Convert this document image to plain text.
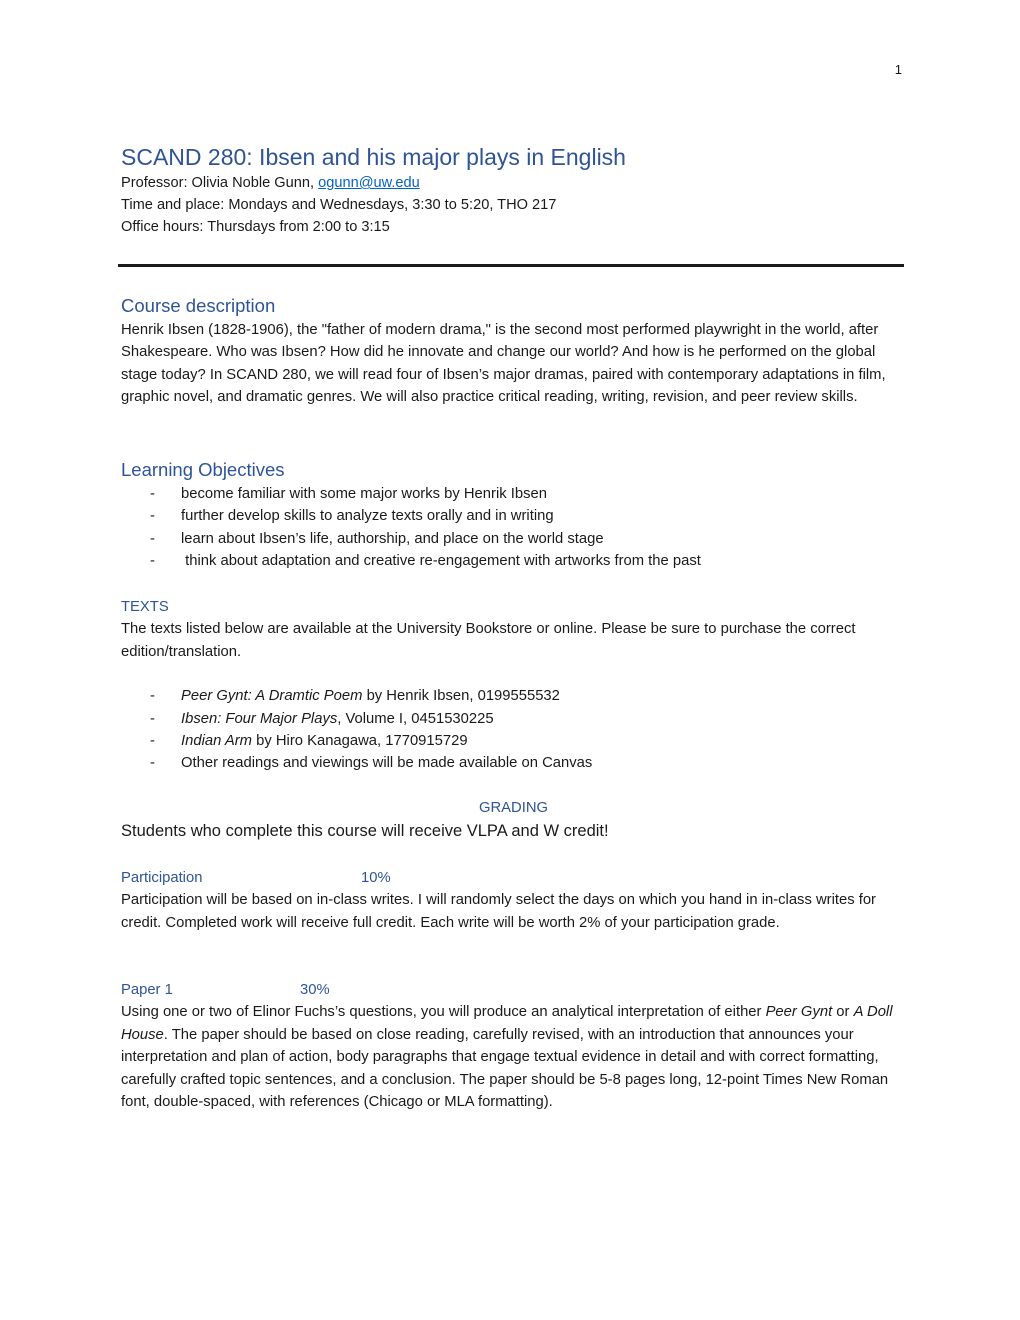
1
SCAND 280: Ibsen and his major plays in English
Professor: Olivia Noble Gunn, ogunn@uw.edu
Time and place: Mondays and Wednesdays, 3:30 to 5:20, THO 217
Office hours: Thursdays from 2:00 to 3:15
Course description

Henrik Ibsen (1828-1906), the "father of modern drama," is the second most performed playwright in the world, after Shakespeare. Who was Ibsen? How did he innovate and change our world? And how is he performed on the global stage today? In SCAND 280, we will read four of Ibsen’s major dramas, paired with contemporary adaptations in film, graphic novel, and dramatic genres. We will also practice critical reading, writing, revision, and peer review skills.

Learning Objectives
- become familiar with some major works by Henrik Ibsen
- further develop skills to analyze texts orally and in writing
- learn about Ibsen’s life, authorship, and place on the world stage
- think about adaptation and creative re-engagement with artworks from the past
TEXTS

The texts listed below are available at the University Bookstore or online. Please be sure to purchase the correct edition/translation.

- Peer Gynt: A Dramtic Poem by Henrik Ibsen, 0199555532
- Ibsen: Four Major Plays, Volume I, 0451530225
- Indian Arm by Hiro Kanagawa, 1770915729
- Other readings and viewings will be made available on Canvas
GRADING
Students who complete this course will receive VLPA and W credit!
Participation	10%

Participation will be based on in-class writes. I will randomly select the days on which you hand in in-class writes for credit. Completed work will receive full credit. Each write will be worth 2% of your participation grade.

Paper 1	30%

Using one or two of Elinor Fuchs’s questions, you will produce an analytical interpretation of either Peer Gynt or A Doll House. The paper should be based on close reading, carefully revised, with an introduction that announces your interpretation and plan of action, body paragraphs that engage textual evidence in detail and with correct formatting, carefully crafted topic sentences, and a conclusion. The paper should be 5-8 pages long, 12-point Times New Roman font, double-spaced, with references (Chicago or MLA formatting).
